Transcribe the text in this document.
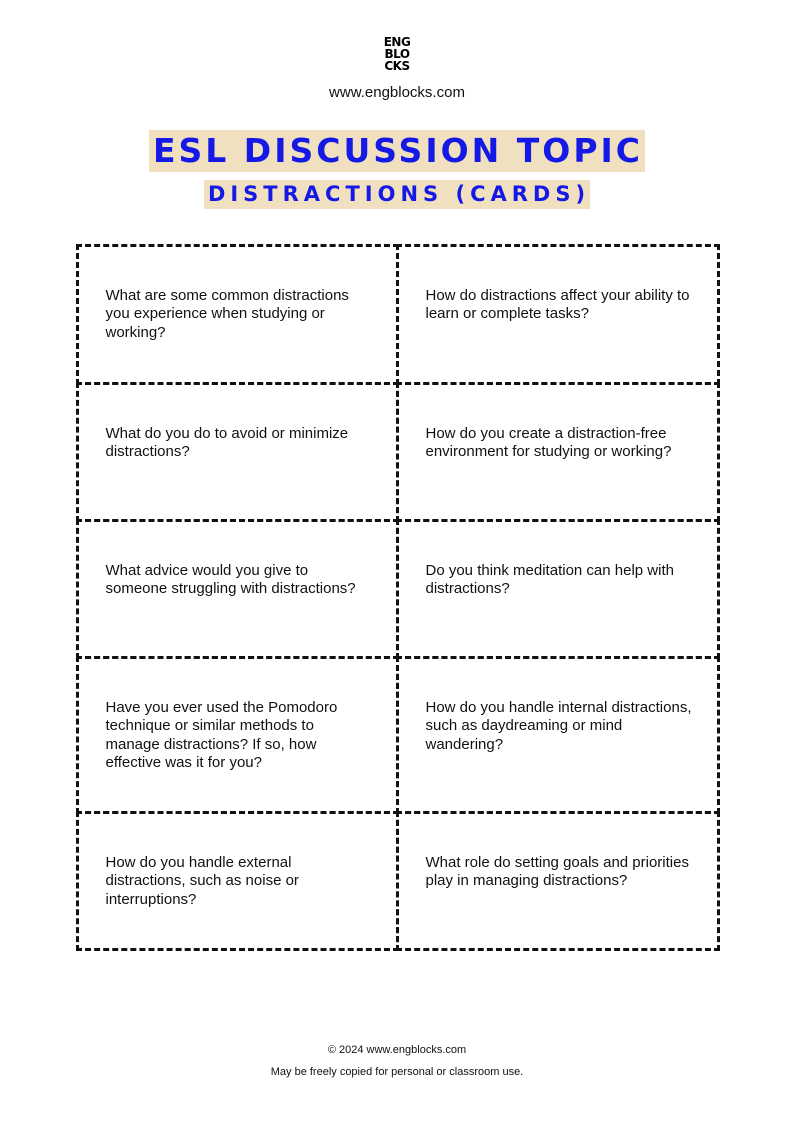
ENG
BLO
CKS
www.engblocks.com
ESL DISCUSSION TOPIC
DISTRACTIONS (CARDS)
What are some common distractions you experience when studying or working?
How do distractions affect your ability to learn or complete tasks?
What do you do to avoid or minimize distractions?
How do you create a distraction-free environment for studying or working?
What advice would you give to someone struggling with distractions?
Do you think meditation can help with distractions?
Have you ever used the Pomodoro technique or similar methods to manage distractions? If so, how effective was it for you?
How do you handle internal distractions, such as daydreaming or mind wandering?
How do you handle external distractions, such as noise or interruptions?
What role do setting goals and priorities play in managing distractions?
© 2024 www.engblocks.com
May be freely copied for personal or classroom use.
